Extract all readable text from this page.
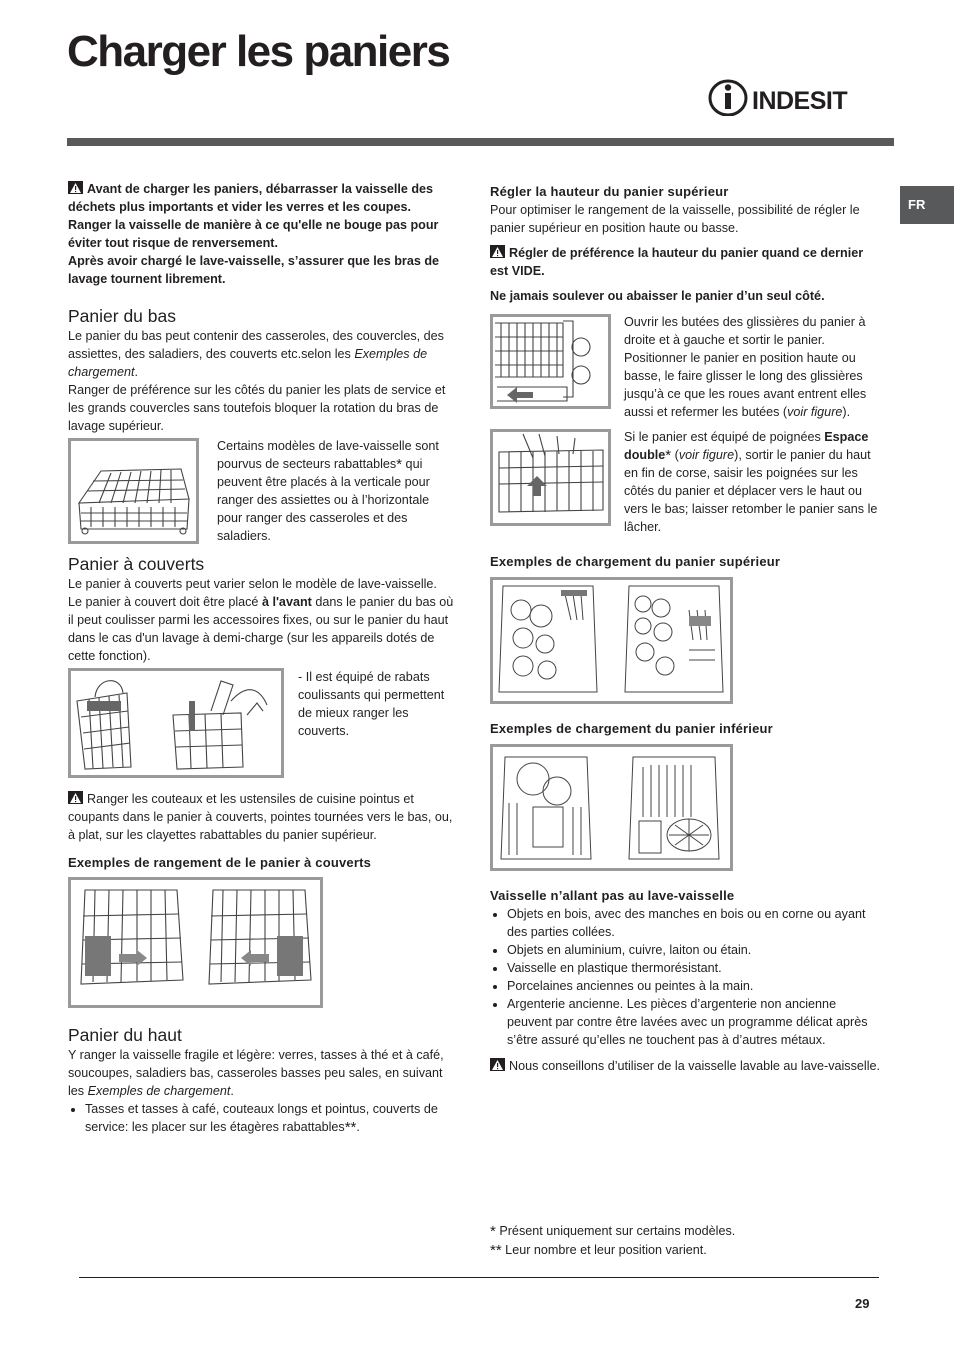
Charger les paniers
INDESIT
FR

Avant de charger les paniers, débarrasser la vaisselle des déchets plus importants et vider les verres et les coupes.

Ranger la vaisselle de manière à ce qu'elle ne bouge pas pour éviter tout risque de renversement.

Après avoir chargé le lave-vaisselle, s’assurer que les bras de lavage tournent librement.

Panier du bas

Le panier du bas peut contenir des casseroles, des couvercles, des assiettes, des saladiers, des couverts etc.selon les Exemples de chargement.

Ranger de préférence sur les côtés du panier les plats de service et les grands couvercles sans toutefois bloquer la rotation du bras de lavage supérieur.

Certains modèles de lave-vaisselle sont pourvus de secteurs rabattables* qui peuvent être placés à la verticale pour ranger des assiettes ou à l’horizontale pour ranger des casseroles et des saladiers.

Panier à couverts

Le panier à couverts peut varier selon le modèle de lave-vaisselle.

Le panier à couvert doit être placé à l'avant dans le panier du bas où il peut coulisser parmi les accessoires fixes, ou sur le panier du haut dans le cas d'un lavage à demi-charge (sur les appareils dotés de cette fonction).

- Il est équipé de rabats coulissants qui permettent de mieux ranger les couverts.

Ranger les couteaux et les ustensiles de cuisine pointus et coupants dans le panier à couverts, pointes tournées vers le bas, ou, à plat, sur les clayettes rabattables du panier supérieur.

Exemples de rangement de le panier à couverts
Panier du haut

Y ranger la vaisselle fragile et légère: verres, tasses à thé et à café, soucoupes, saladiers bas, casseroles basses peu sales, en suivant les Exemples de chargement.

• Tasses et tasses à café, couteaux longs et pointus, couverts de service: les placer sur les étagères rabattables**.
Régler la hauteur du panier supérieur

Pour optimiser le rangement de la vaisselle, possibilité de régler le panier supérieur en position haute ou basse.

Régler de préférence la hauteur du panier quand ce dernier est VIDE.

Ne jamais soulever ou abaisser le panier d’un seul côté.

Ouvrir les butées des glissières du panier à droite et à gauche et sortir le panier. Positionner le panier en position haute ou basse, le faire glisser le long des glissières jusqu’à ce que les roues avant entrent elles aussi et refermer les butées (voir figure).

Si le panier est équipé de poignées Espace double* (voir figure), sortir le panier du haut en fin de corse, saisir les poignées sur les côtés du panier et déplacer vers le haut ou vers le bas; laisser retomber le panier sans le lâcher.

Exemples de chargement du panier supérieur
Exemples de chargement du panier inférieur
Vaisselle n’allant pas au lave-vaisselle
• Objets en bois, avec des manches en bois ou en corne ou ayant des parties collées.
• Objets en aluminium, cuivre, laiton ou étain.
• Vaisselle en plastique thermorésistant.
• Porcelaines anciennes ou peintes à la main.
• Argenterie ancienne. Les pièces d’argenterie non ancienne peuvent par contre être lavées avec un programme délicat après s’être assuré qu’elles ne touchent pas à d’autres métaux.

Nous conseillons d’utiliser de la vaisselle lavable au lave-vaisselle.

* Présent uniquement sur certains modèles.
** Leur nombre et leur position varient.
29
